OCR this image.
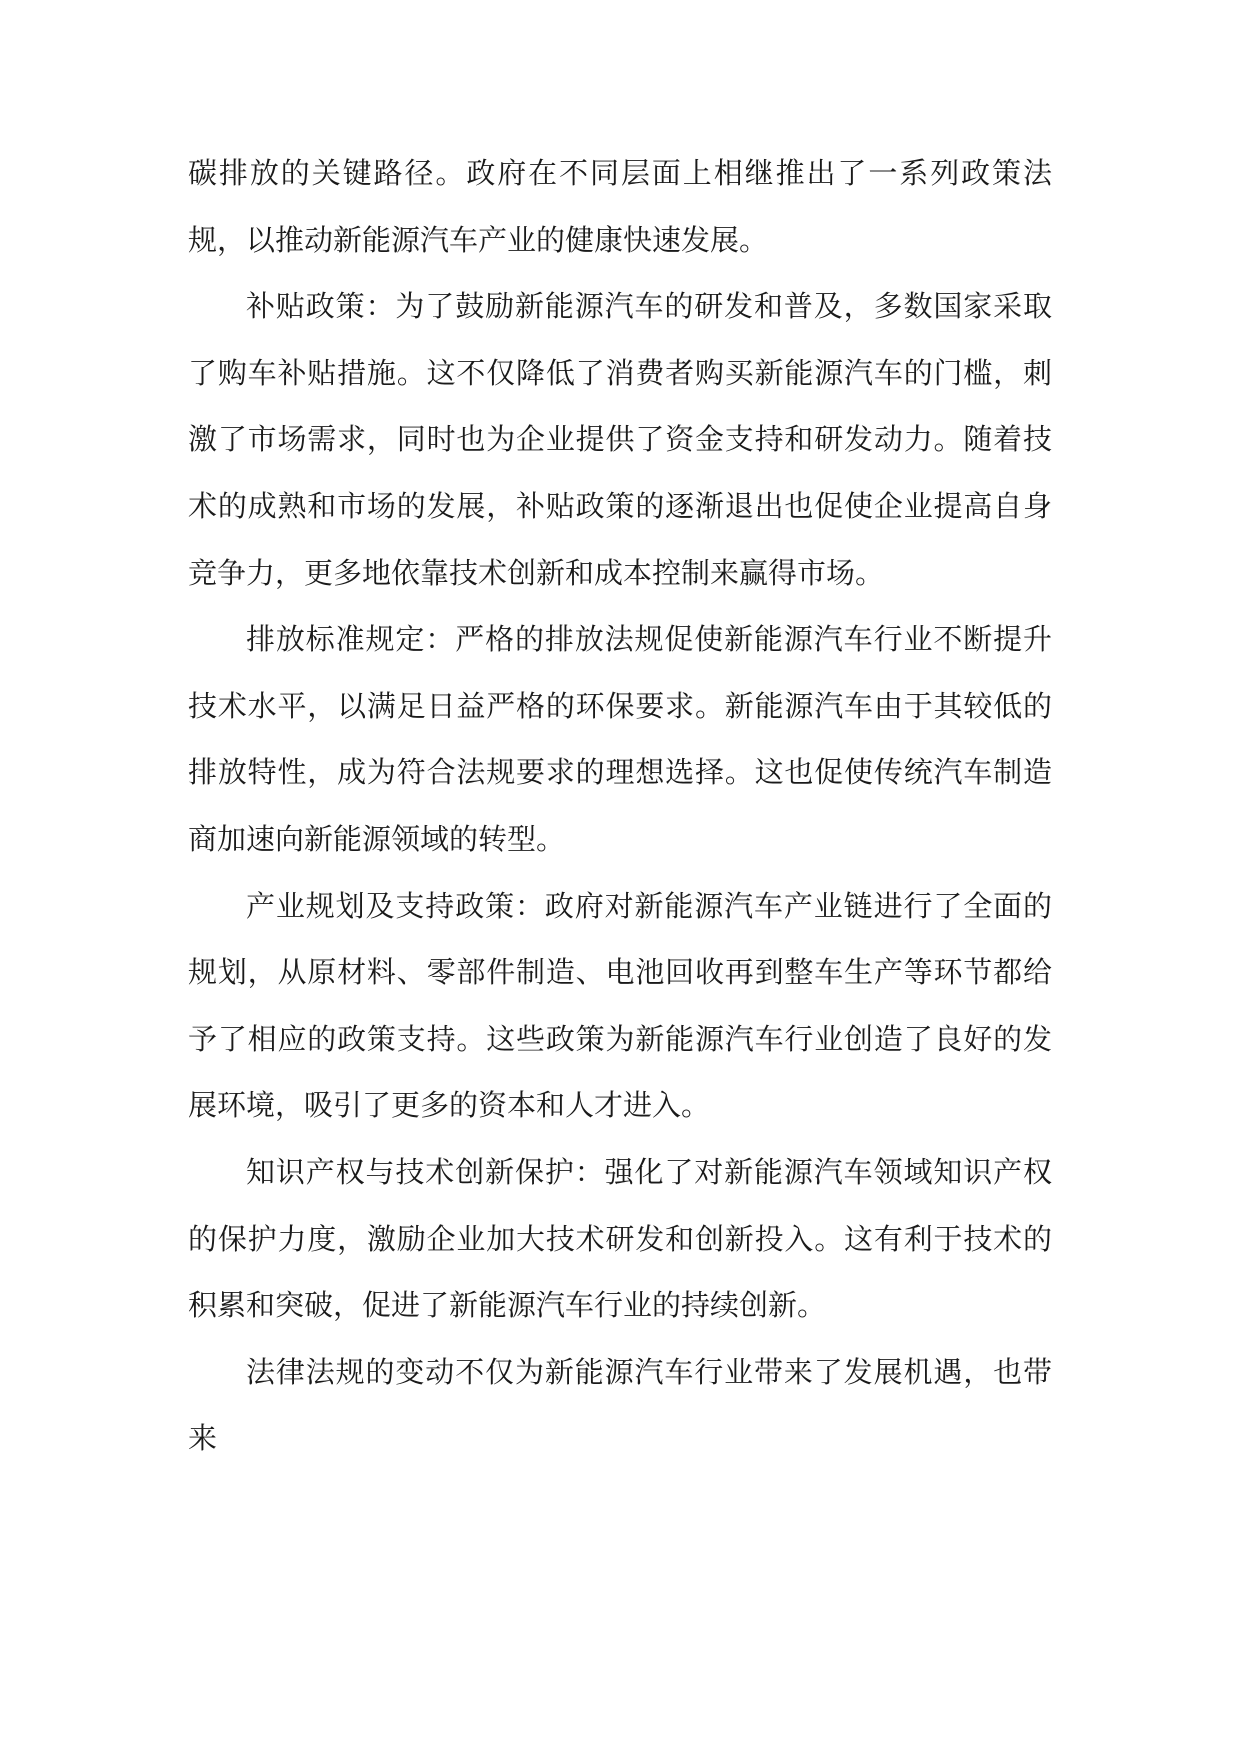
碳排放的关键路径。政府在不同层面上相继推出了一系列政策法规，以推动新能源汽车产业的健康快速发展。

补贴政策：为了鼓励新能源汽车的研发和普及，多数国家采取了购车补贴措施。这不仅降低了消费者购买新能源汽车的门槛，刺激了市场需求，同时也为企业提供了资金支持和研发动力。随着技术的成熟和市场的发展，补贴政策的逐渐退出也促使企业提高自身竞争力，更多地依靠技术创新和成本控制来赢得市场。

排放标准规定：严格的排放法规促使新能源汽车行业不断提升技术水平，以满足日益严格的环保要求。新能源汽车由于其较低的排放特性，成为符合法规要求的理想选择。这也促使传统汽车制造商加速向新能源领域的转型。

产业规划及支持政策：政府对新能源汽车产业链进行了全面的规划，从原材料、零部件制造、电池回收再到整车生产等环节都给予了相应的政策支持。这些政策为新能源汽车行业创造了良好的发展环境，吸引了更多的资本和人才进入。

知识产权与技术创新保护：强化了对新能源汽车领域知识产权的保护力度，激励企业加大技术研发和创新投入。这有利于技术的积累和突破，促进了新能源汽车行业的持续创新。

法律法规的变动不仅为新能源汽车行业带来了发展机遇，也带来
